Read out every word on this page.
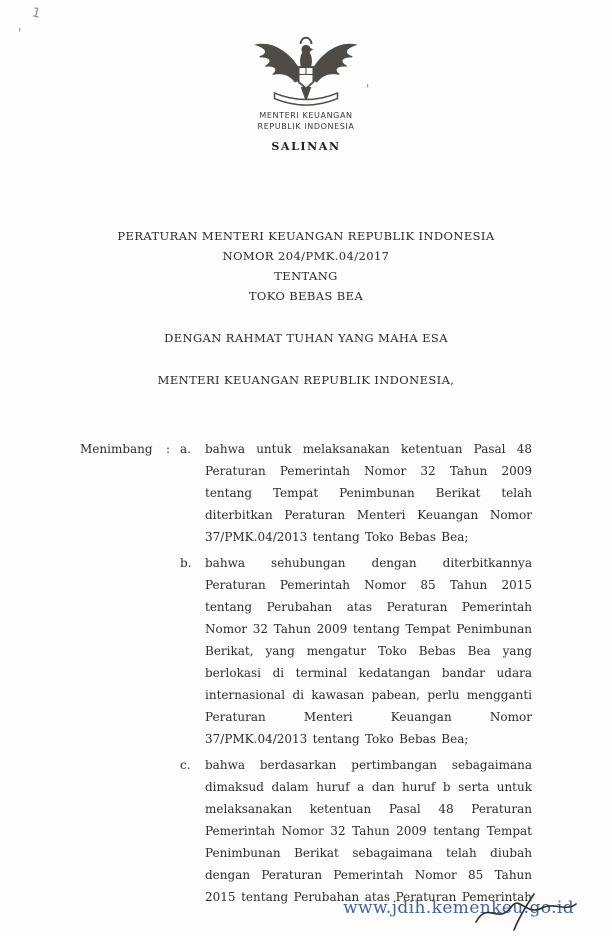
1
'
'
MENTERI KEUANGAN
REPUBLIK INDONESIA
SALINAN
PERATURAN MENTERI KEUANGAN REPUBLIK INDONESIA
NOMOR 204/PMK.04/2017
TENTANG
TOKO BEBAS BEA
DENGAN RAHMAT TUHAN YANG MAHA ESA
MENTERI KEUANGAN REPUBLIK INDONESIA,
Menimbang	: a.	bahwa untuk melaksanakan ketentuan Pasal 48 Peraturan Pemerintah Nomor 32 Tahun 2009 tentang Tempat Penimbunan Berikat telah diterbitkan Peraturan Menteri Keuangan Nomor 37/PMK.04/2013 tentang Toko Bebas Bea;
b.	bahwa sehubungan dengan diterbitkannya Peraturan Pemerintah Nomor 85 Tahun 2015 tentang Perubahan atas Peraturan Pemerintah Nomor 32 Tahun 2009 tentang Tempat Penimbunan Berikat, yang mengatur Toko Bebas Bea yang berlokasi di terminal kedatangan bandar udara internasional di kawasan pabean, perlu mengganti Peraturan Menteri Keuangan Nomor 37/PMK.04/2013 tentang Toko Bebas Bea;
c.	bahwa berdasarkan pertimbangan sebagaimana dimaksud dalam huruf a dan huruf b serta untuk melaksanakan ketentuan Pasal 48 Peraturan Pemerintah Nomor 32 Tahun 2009 tentang Tempat Penimbunan Berikat sebagaimana telah diubah dengan Peraturan Pemerintah Nomor 85 Tahun 2015 tentang Perubahan atas Peraturan Pemerintah
www.jdih.kemenkeu.go.id
